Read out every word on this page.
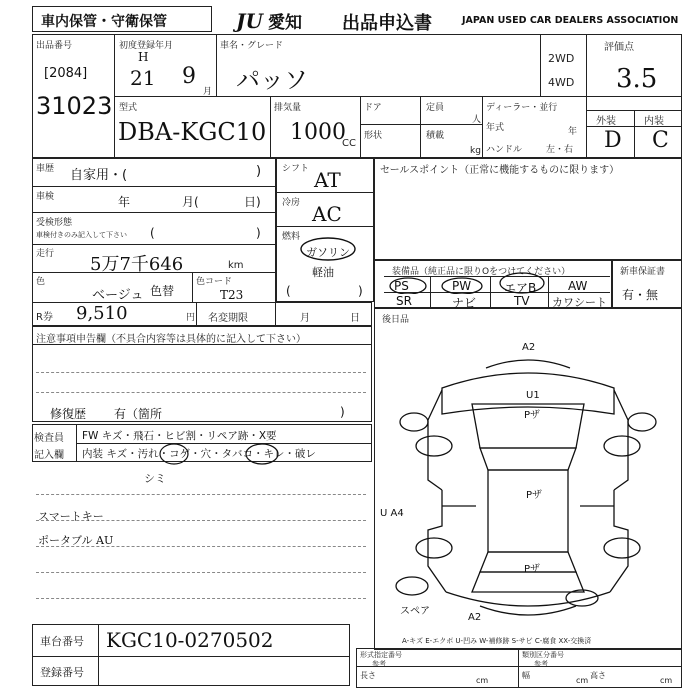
車内保管・守衛保管	JU 愛知 出品申込書	JAPAN USED CAR DEALERS ASSOCIATION
出品番号
[2084]
31023
初度登録年月
H
21 9
月
車名・グレード
パッソ
2WD
4WD
評価点
3.5
外装	内装
D C
型式
DBA-KGC10
排気量
1000
CC
ドア
形状
定員
人
積載
kg
ディーラー・並行
年式	年
ハンドル	左・右
車歴 自家用・(	)
車検	年	月(	日)
受検形態
車検付きのみ記入して下さい (	)
走行 5万7千646	km
色
ベージュ 色替
色コード
T23
R券 9,510	円 名変期限	月	日
シフト AT
冷房 AC
燃料
ガソリン
軽油
(	)
セールスポイント（正常に機能するものに限ります）
装備品（純正品に限りOをつけてください）
PS	PW	エアB	AW
SR	ナビ	TV カワシート
新車保証書
有・無
注意事項申告欄（不具合内容等は具体的に記入して下さい）
修復歴 有（箇所	)
検査員
記入欄
FW キズ・飛石・ヒビ割・リペア跡・X要
内装 キズ・汚れ・コゲ・穴・タバコ・キレ・破レ
シミ
スマートキー
ポータブル AU
後日品
A2
U1
Pザ
Pザ
Pザ
U A4
A2
スペア
A-キズ E-エクボ U-凹み W-補修跡 S-サビ C-腐食 XX-交換済
車台番号 KGC10-0270502
登録番号
形式指定番号
参考
類別区分番号
参考
長さ
cm
幅
cm
高さ
cm
